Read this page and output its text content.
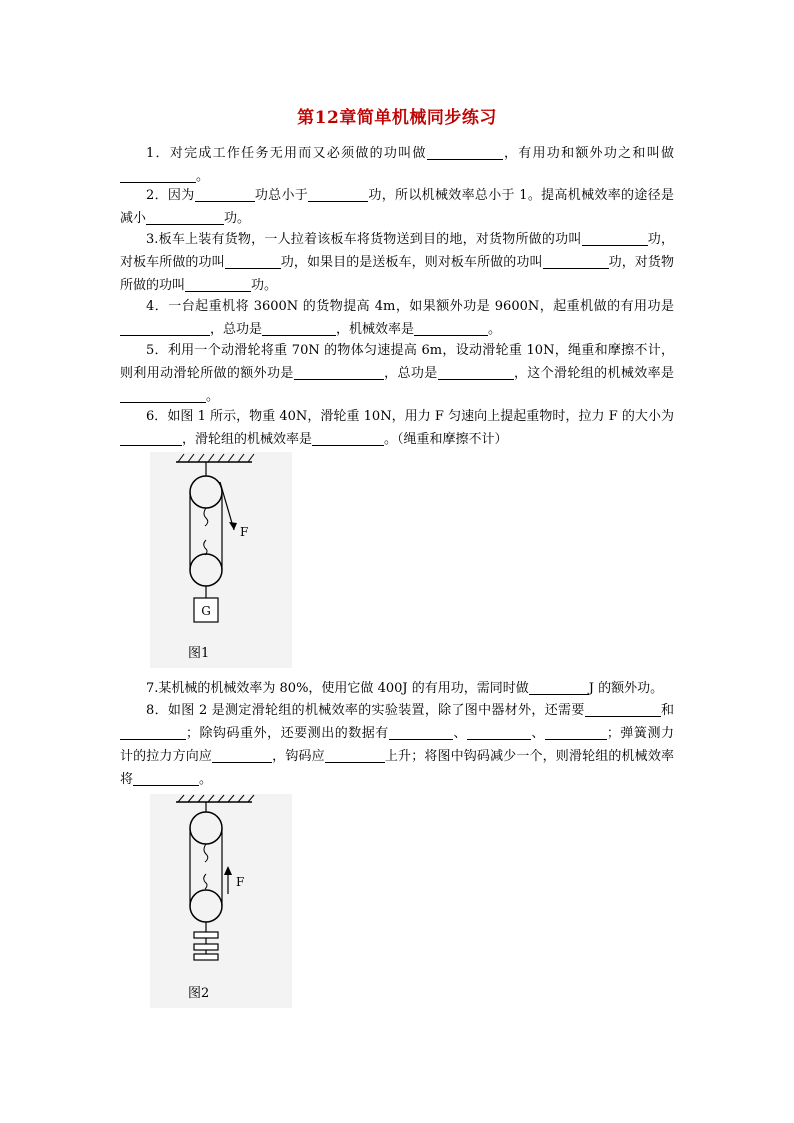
第12章简单机械同步练习

1．对完成工作任务无用而又必须做的功叫做	，有用功和额外功之和叫做。

2．因为	功总小于	功，所以机械效率总小于 1。提高机械效率的途径是减小	功。

3.板车上装有货物，一人拉着该板车将货物送到目的地，对货物所做的功叫	功，对板车所做的功叫	功，如果目的是送板车，则对板车所做的功叫	功，对货物所做的功叫	功。

4．一台起重机将 3600N 的货物提高 4m，如果额外功是 9600N，起重机做的有用功是，总功是	，机械效率是	。

5．利用一个动滑轮将重 70N 的物体匀速提高 6m，设动滑轮重 10N，绳重和摩擦不计，则利用动滑轮所做的额外功是	，总功是	，这个滑轮组的机械效率是。

6．如图 1 所示，物重 40N，滑轮重 10N，用力 F 匀速向上提起重物时，拉力 F 的大小为，滑轮组的机械效率是	。（绳重和摩擦不计）

F
G
图1

7.某机械的机械效率为 80%，使用它做 400J 的有用功，需同时做	J 的额外功。

8．如图 2 是测定滑轮组的机械效率的实验装置，除了图中器材外，还需要	和；除钩码重外，还要测出的数据有	、	、	；弹簧测力计的拉力方向应	，钩码应	上升；将图中钩码减少一个，则滑轮组的机械效率将	。

F
图2
